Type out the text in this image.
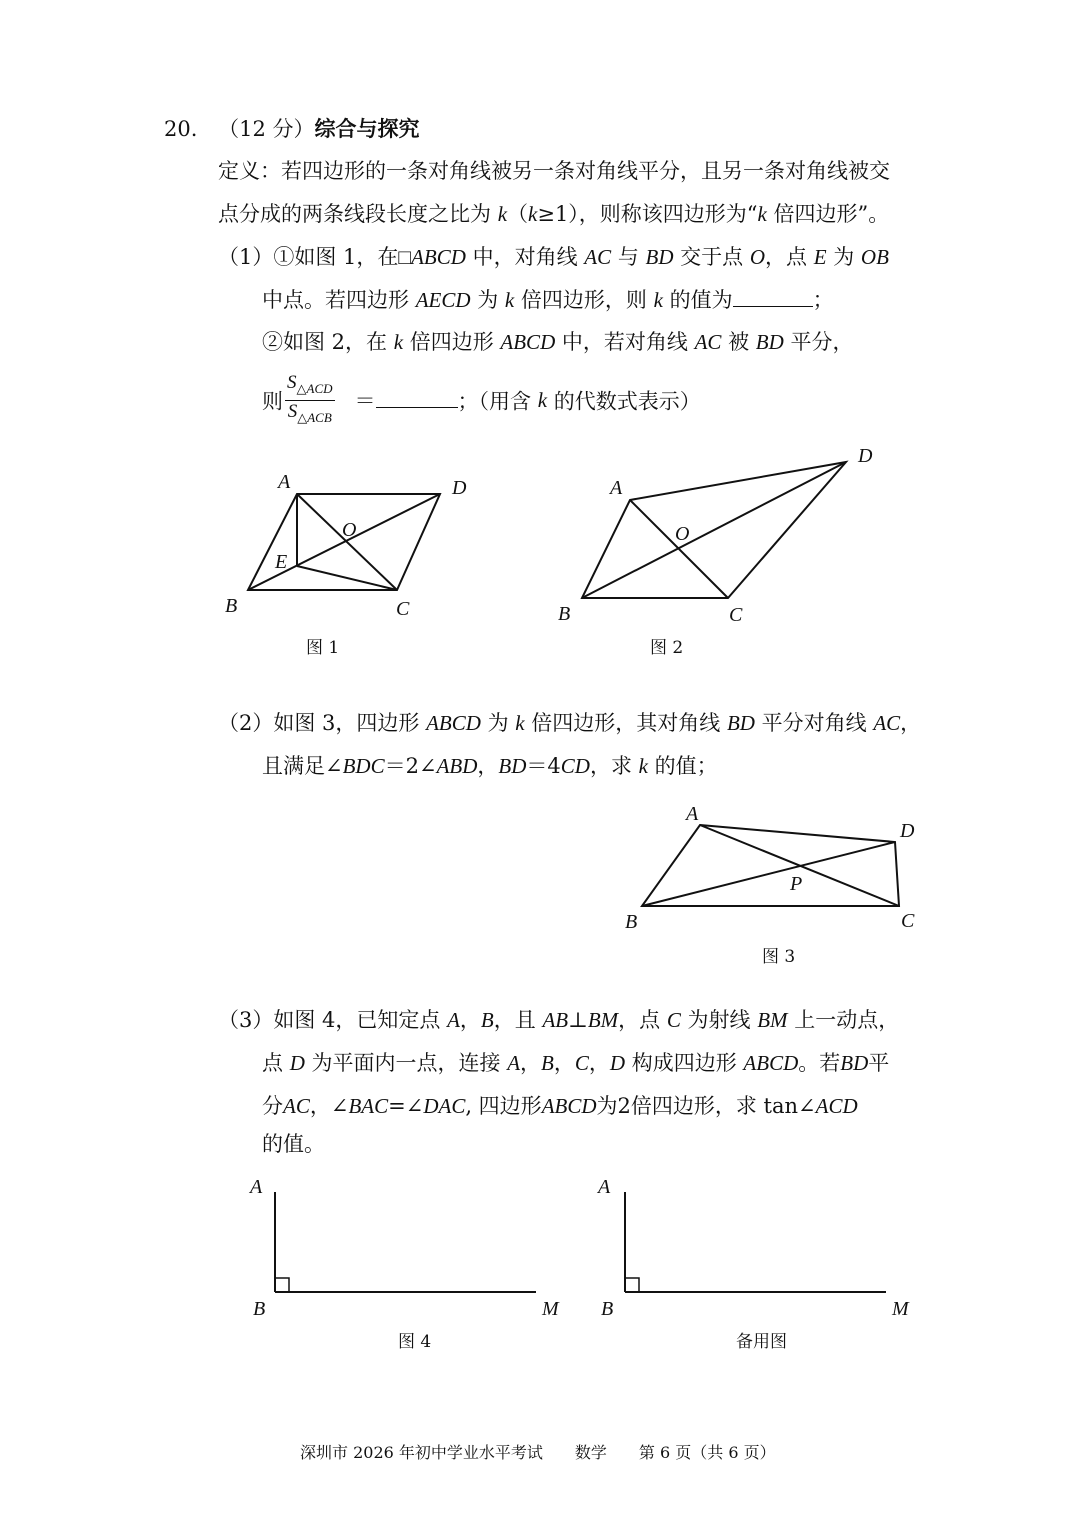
20. （12 分）综合与探究
定义：若四边形的一条对角线被另一条对角线平分，且另一条对角线被交
点分成的两条线段长度之比为 k（k≥1），则称该四边形为“k 倍四边形”。
（1）①如图 1，在□ABCD 中，对角线 AC 与 BD 交于点 O，点 E 为 OB
中点。若四边形 AECD 为 k 倍四边形，则 k 的值为	；
②如图 2，在 k 倍四边形 ABCD 中，若对角线 AC 被 BD 平分，
则 $\frac{S_{\triangle ACD}}{S_{\triangle ACB}}$ ＝	；（用含 k 的代数式表示）
A	D
O
E
B	C
图 1
A
D
O
B	C
图 2
（2）如图 3，四边形 ABCD 为 k 倍四边形，其对角线 BD 平分对角线 AC，
且满足∠BDC＝2∠ABD，BD＝4CD，求 k 的值；
A
D
P
B	C
图 3
（3）如图 4，已知定点 A，B，且 AB⊥BM，点 C 为射线 BM 上一动点，
点 D 为平面内一点，连接 A，B，C，D 构成四边形 ABCD。若BD平
分AC，∠BAC=∠DAC, 四边形ABCD为2倍四边形，求 tan∠ACD
的值。
A
B	M
图 4
A
B	M
备用图
深圳市 2026 年初中学业水平考试　　数学　　第 6 页（共 6 页）
